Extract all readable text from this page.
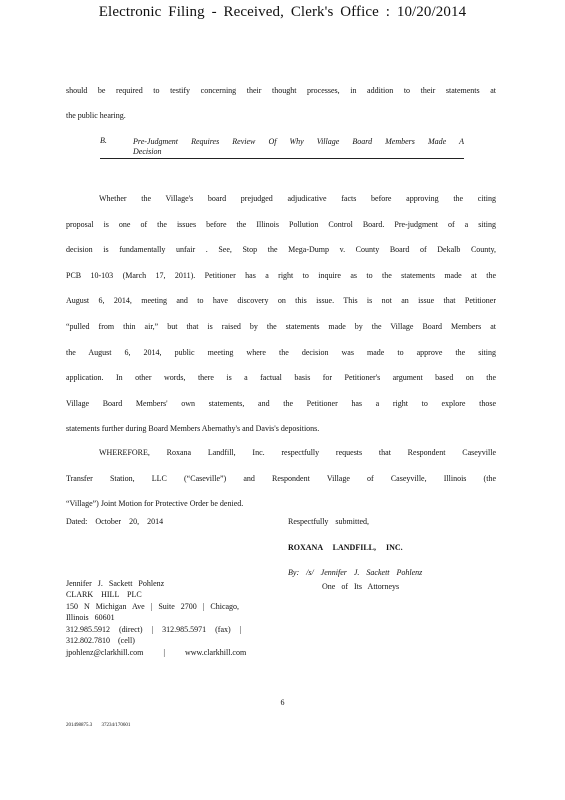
Electronic Filing - Received, Clerk's Office : 10/20/2014
should be required to testify concerning their thought processes, in addition to their statements at
the public hearing.
B.	Pre-Judgment Requires Review Of Why Village Board Members Made A
Decision
Whether the Village's board prejudged adjudicative facts before approving the citing
proposal is one of the issues before the Illinois Pollution Control Board. Pre-judgment of a siting
decision is fundamentally unfair . See, Stop the Mega-Dump v. County Board of Dekalb County,
PCB 10-103 (March 17, 2011). Petitioner has a right to inquire as to the statements made at the
August 6, 2014, meeting and to have discovery on this issue. This is not an issue that Petitioner
“pulled from thin air,” but that is raised by the statements made by the Village Board Members at
the August 6, 2014, public meeting where the decision was made to approve the siting
application. In other words, there is a factual basis for Petitioner's argument based on the
Village Board Members' own statements, and the Petitioner has a right to explore those
statements further during Board Members Abernathy's and Davis's depositions.
WHEREFORE, Roxana Landfill, Inc. respectfully requests that Respondent Caseyville
Transfer Station, LLC (“Caseville”) and Respondent Village of Caseyville, Illinois (the
“Village”) Joint Motion for Protective Order be denied.
Dated: October 20, 2014	Respectfully submitted,
ROXANA LANDFILL, INC.
By: /s/ Jennifer J. Sackett Pohlenz
One of Its Attorneys
Jennifer J. Sackett Pohlenz
CLARK HILL PLC
150 N Michigan Ave | Suite 2700 | Chicago,
Illinois 60601
312.985.5912 (direct) | 312.985.5971 (fax) |
312.802.7810 (cell)
jpohlenz@clarkhill.com | www.clarkhill.com
6
201498875.3 37234/170601
